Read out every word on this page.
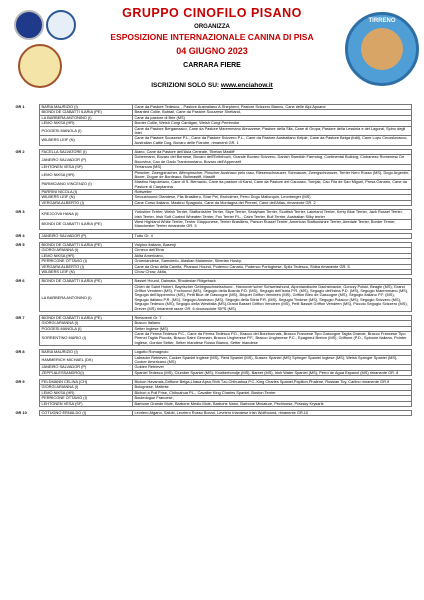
TIRRENO
GRUPPO CINOFILO PISANO
ORGANIZZA
ESPOSIZIONE INTERNAZIONALE CANINA DI PISA
04 GIUGNO 2023
CARRARA FIERE
ISCRIZIONI SOLO SU: www.enciahow.it
GR 1	BARIA MAURIZIO (I)	Cane da Pastore Tedesco, , Pastore Australiano A.Shepherd, Pastore Svizzero Bianco, Cane delle Alpi Apuane
	BIONDI DE CIABATTI ILARIA (PE)	Bearded Collie, Bobtail, Cane da Pastore Scozzese Shetland,
	LA BARBERA ANTONINO (I)	Cane da pastore di Brie (MS)
	LEMO NIKSA (HR)	Border Collie, Welsh Corgi Cardigan, Welsh Corgi Pembroke
	POGGESI MANOLA (I)	Cane da Pastore Bergamasco, Cane da Pastore Maremmano Abruzzese, Pastore della Sila, Cane di Oropa, Pastore della Lessinia e del Lagorai, Spino degli Iblei
	WILBERS LEIF (N)	Cane da Pastore Scozzese P.L., Cane da Pastore Svizzero P.L., Cane da Pastore Australiano Kelpie, Cane da Pastore Belga (tutti), Cane Lupo Cecoslovacco, Australian Cattle Dog, Bovaro delle Fiandre, rimanenti GR. 1

GR 2	FACELLA SALVATORE (I)	Alano, Cane da Pastore dell'Asia Centrale, Tibetan Mastiff
	JANEIRO SALVADOR (P)	Dobermann, Bovaro del Bernese, Bovaro dell'Entlebuch, Grande Bovaro Svizzero, Danish Swedish Farmdog, Continental Bulldog, Ciobanesc Romenesc De Bucovina, Cao de Gado Transmontano, Bovaro dell'Appenzell
	LEHTONEN VESA (SF)	Terranova (MS)
	LEMO NIKSA (HR)	Pinscher, Zwergpinscher, Affenpinscher, Pinscher Austriaco pelo raso, Riesenschnauzer, Schnauzer, Zwergschnauzer, Terrier Nero Russo (MS), Dogo Argentin, Boxer, Dogue de Bordeaux, Bullmastiff, Mastiff
	PARMICIANO VINCENZO (I)	Mastino Napoletano, Cane di S. Bernardo, Cane da pastore di Karst, Cane da Pastore del Caucaso, Tornjak, Cao Fila de Sao Miguel, Presa Canario, Cane da Pastore di Ciarplanina
	PARRINI NICOLA (I)	Rottweiler
	WILBERS LEIF (N)	Smoushound Olandese, Fila Brasiliero, Shar Pei, Broholmer, Perro Dogo Mallorquin, Leonberger (MS)
	VERGARA ALBERTO (I)	Cane Corso Italiano, Mastino Spagnolo, Cane da Montagna dei Pirenei, Cane dell'Atlas, rimanente GR. 2

GR 3	KREJCOVA HANA (I)	Yorkshire Terrier, Welsh Terrier, Staffordshire Terrier, Skye Terrier, Sealyham Terrier, Scottish Terrier, Lakeland Terrier, Kerry Blue Terrier, Jack Russel Terrier, Irish Terrier, Irish Soft Coated Wheaten Terrier, Fox Terrier P.L., Cairn Terrier, Bull Terrier, Australian Silky terrier
	BIONDI DE CIABATTI ILARIA (PE)	West Highland White Terrier, Terrier Giapponese, Terrier Brasiliero, Parson Russel Terrier, American Staffordshire Terrier, Airedale Terrier, Border Terrier, Manchester Terrier rimanente GR. 3

GR 4	JANEIRO SALVADOR (P)	Tutto Gr. 4

GR 5	BIONDI DE CIABATTI ILARIA (PE)	Volpino Italiano, Basenji
	GIORGI ARIANNA (I)	Cirneco dell'Etna
	LEMO NIKSA (HR)	Akita Americano,
	PERRICONE OTTAVIO (I)	Groenlandese, Samoiedo, Alaskan Malamute, Siberian Husky,
	VERGARA ALBERTO (I)	Cane da Orso della Carelia, Pharaon Hound, Podenco Canario, Podenco Portoghese, Spitz Tedesco, Shiba rimanente GR. 5
	WILBERS LEIF (N)	Chow Chow, Akita,

GR 6	BIONDI DE CIABATTI ILARIA (PE)	Basset Hound, Dalmata, Rhodesian Ridgeback
	LA BARBERA ANTONINO (I)	Chien de Saint Hubert, Bayrischer Gebirgsschweisshund , Hannover'scher Schweisshund, Alpenlandische Dachsbracke, Gonczy Polski, Beagle (MS), Grand Griffon Vendeen (MS), Foxhound (MS), Segugio della Bosnia P.D. (MS), Segugio dell'Istria P.R. (MS), Segugio dell'Istria P.D. (MS), Segugio Maremmano (MS), Segugio dell'Appennino (MS), Petit Blue de Gascogne (MS), Briquet Griffon Vendeen (MS), Griffon Bleu de Gascogne (MS), Segugio Italiano P.F. (MS), Segugio Italiano P.R. (MS), Segugio Austriaco (MS), Segugio della Stiria P.R. (MS), Segugio Tirolese (MS), Segugio Polacco (MS), Segugio Svizzero (MS), Segugio Tedesco (MS), Segugio della Westfalia (MS),Grand Basset Griffon Vendeen (MS), Petit Basset Griffon Vendeen (MS), Piccolo Segugio Svizzero (MS), Drever (MS) rimanenti razze GR. 6 riconosciute SIPS (MS)

GR 7	BIONDI DE CIABATTI ILARIA (PE)	Rimanenti Gr. 7
	GIORGI ARIANNA (I)	Bracco Italiano
	POGGESI MANOLA (I)	Setter Inglese (MS)
	SORRENTINO MARIO (I)	Cane da Ferma Tedesco P.C., Cane da Ferma Tedesco P.D., Bracco del Bourbonnais, Bracco Francese Tipo Gascogne Taglia Grande, Bracco Francese Tipo Pirenei Taglia Piccola, Bracco Saint Germain, Bracco Ungherese P.F., Bracco Ungherese P.C., Epagneul Breton (MS), Griffone (P.D., Spinone Italiano, Pointer Inglese, Gordon Setter, Setter Irlandese Rosso Bianco, Setter Irlandese

GR 8	BARIA MAURIZIO (I)	Lagotto Romagnolo
	HAMMERICH MICHAEL (DK)	Labrador Retriever, Cocker Spaniel Inglese (MS), Field Spaniel (MS), Sussex Spaniel (MS) Springer Spaniel Inglese (MS), Welsh Springer Spaniel (MS), Cocker Americano (MS)
	JANEIRO SALVADOR (P)	Golden Retriever
	ZEPPI ALESSANDRO(I)	Spaniel Tedesco (MS), Clumber Spaniel (MS), Kooikerhondje (MS), Barbet (MS), Irish Water Spaniel (MS), Perro de Agua Espanol (MS) rimanente GR. 8

GR 9	FELDMANN CELINA (CH)	Bichon Havanais,Griffone Belga,Lhasa Apso,Shih Tzu,Chihuahua P.C.,King Charles Spaniel,Papillon,Phalene, Russian Toy, Carlino rimanente GR.9
	GIORGI ARIANNA (I)	Bolognese, Maltese
	LEMO NIKSA (HR)	Bichon a Poil Frise, Chihuahua P.L., Cavalier King Charles Spaniel, Boston Terrier
	PERRICONE OTTAVIO (I)	Bouledogue Francese,
	LEHTONEN VESA (SF)	Barbone Grande Mole, Barbone Medio Mole, Barbone Nano, Barbone Miniature, Pechinese, Prazsky Krysarik

GR 10	COTUGNO ERNALDO (I)	Levriero Afgano, Saluki, Levriero Russo Borzoi, Levriero Irlandese Irish Wolfhound, rimanente GR.10
